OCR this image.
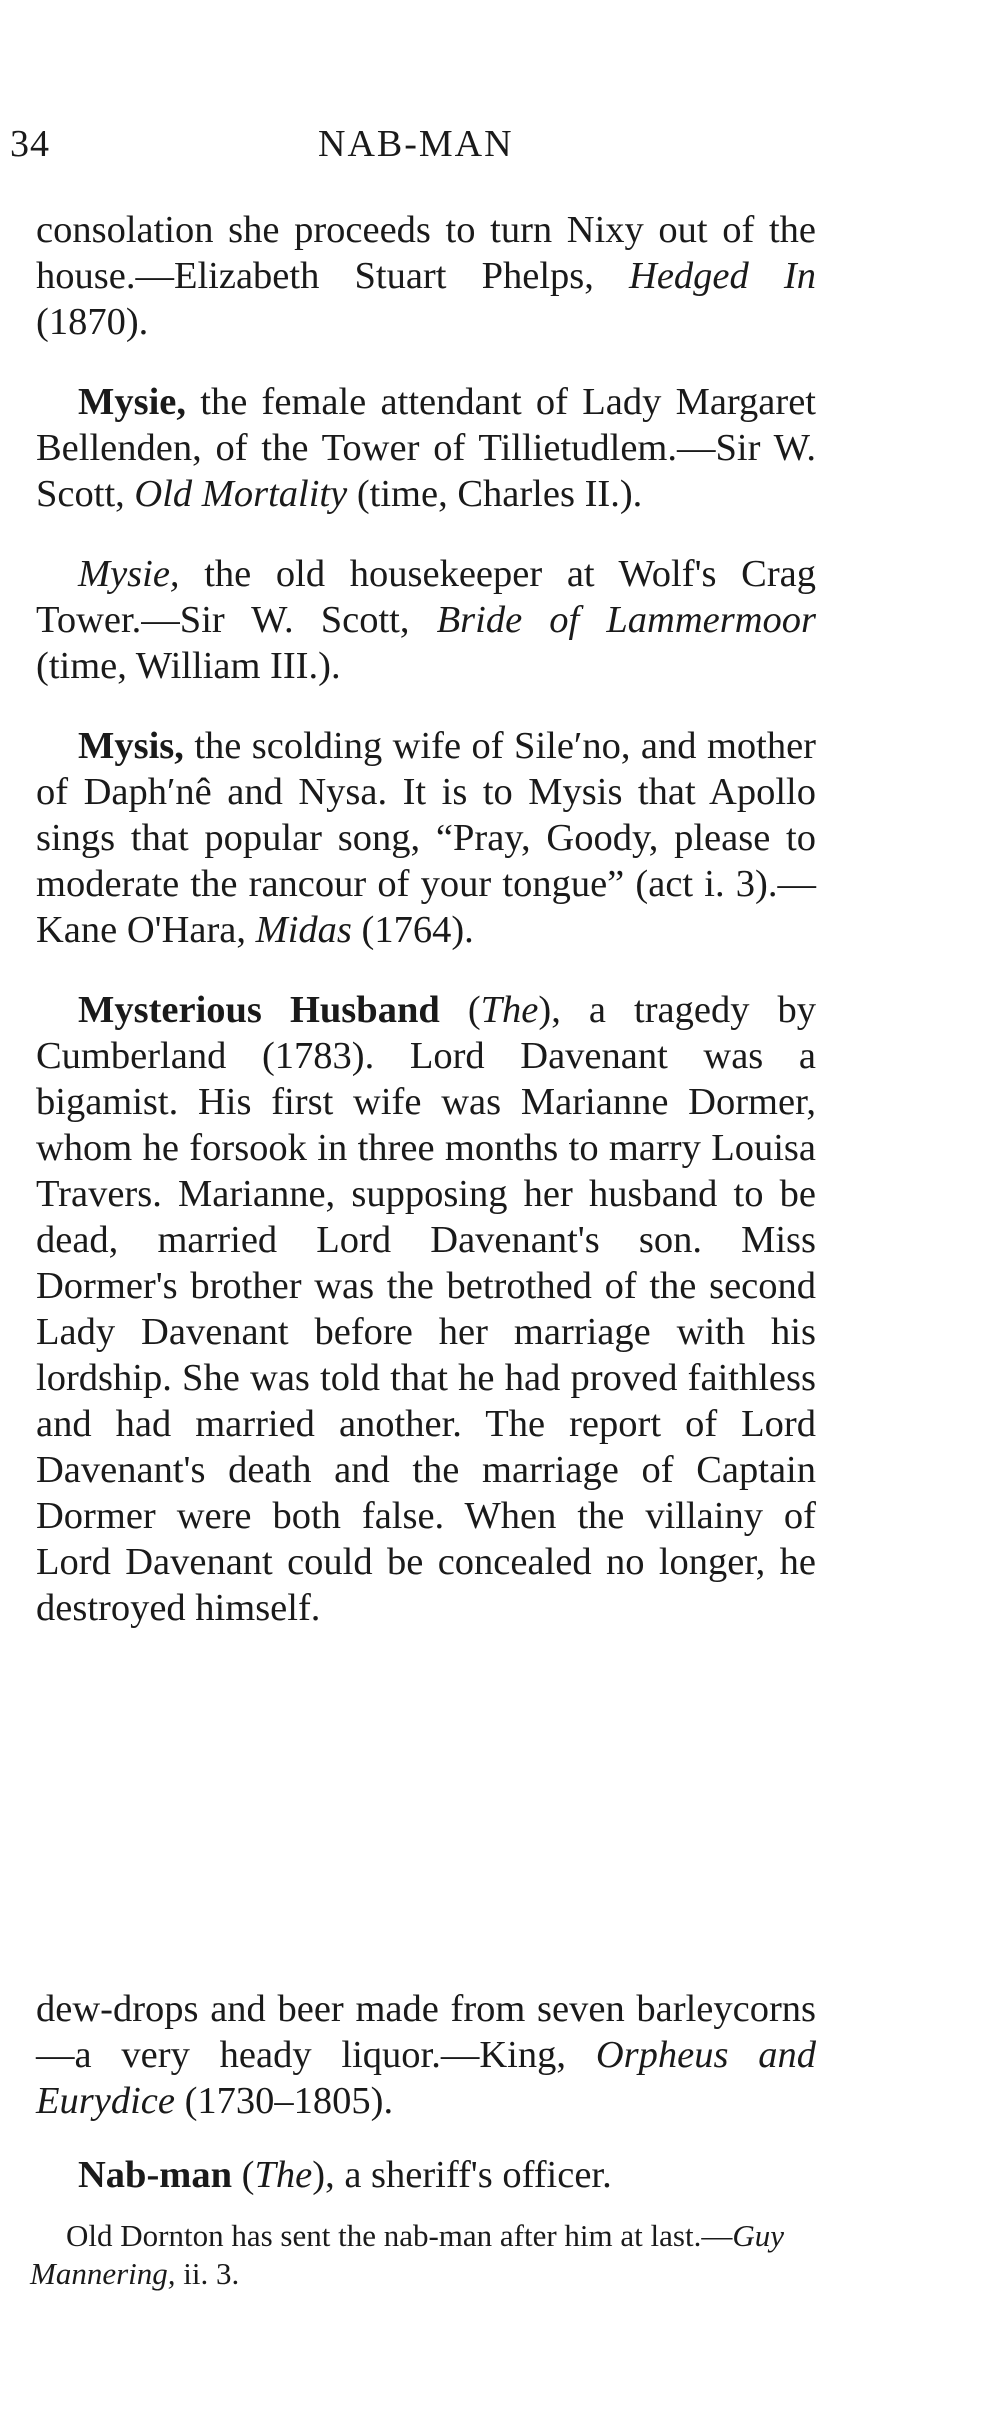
34	NAB-MAN

consolation she proceeds to turn Nixy out of the house.—Elizabeth Stuart Phelps, Hedged In (1870).

Mysie, the female attendant of Lady Margaret Bellenden, of the Tower of Tillietudlem.—Sir W. Scott, Old Mortality (time, Charles II.).

Mysie, the old housekeeper at Wolf's Crag Tower.—Sir W. Scott, Bride of Lammermoor (time, William III.).

Mysis, the scolding wife of Sile′no, and mother of Daph′nê and Nysa. It is to Mysis that Apollo sings that popular song, “Pray, Goody, please to moderate the rancour of your tongue” (act i. 3).—Kane O'Hara, Midas (1764).

Mysterious Husband (The), a tragedy by Cumberland (1783). Lord Davenant was a bigamist. His first wife was Marianne Dormer, whom he forsook in three months to marry Louisa Travers. Marianne, supposing her husband to be dead, married Lord Davenant's son. Miss Dormer's brother was the betrothed of the second Lady Davenant before her marriage with his lordship. She was told that he had proved faithless and had married another. The report of Lord Davenant's death and the marriage of Captain Dormer were both false. When the villainy of Lord Davenant could be concealed no longer, he destroyed himself.

dew-drops and beer made from seven barleycorns—a very heady liquor.—King, Orpheus and Eurydice (1730–1805).

Nab-man (The), a sheriff's officer.

Old Dornton has sent the nab-man after him at last.—Guy Mannering, ii. 3.
